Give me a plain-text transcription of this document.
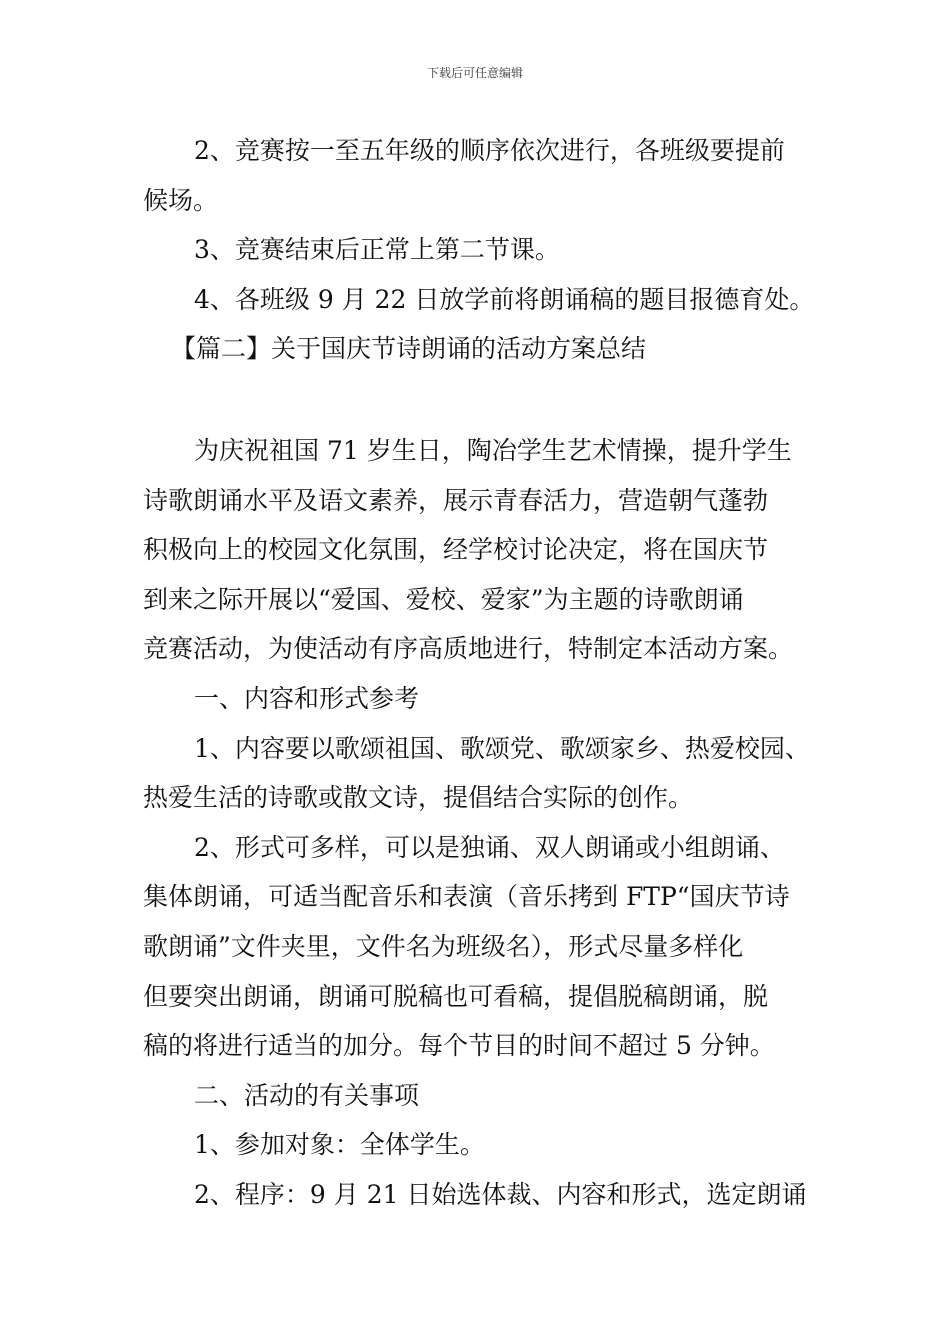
下载后可任意编辑
2、竞赛按一至五年级的顺序依次进行，各班级要提前
候场。
3、竞赛结束后正常上第二节课。
4、各班级 9 月 22 日放学前将朗诵稿的题目报德育处。
【篇二】关于国庆节诗朗诵的活动方案总结
为庆祝祖国 71 岁生日，陶冶学生艺术情操，提升学生
诗歌朗诵水平及语文素养，展示青春活力，营造朝气蓬勃
积极向上的校园文化氛围，经学校讨论决定，将在国庆节
到来之际开展以“爱国、爱校、爱家”为主题的诗歌朗诵
竞赛活动，为使活动有序高质地进行，特制定本活动方案。
一、内容和形式参考
1、内容要以歌颂祖国、歌颂党、歌颂家乡、热爱校园、
热爱生活的诗歌或散文诗，提倡结合实际的创作。
2、形式可多样，可以是独诵、双人朗诵或小组朗诵、
集体朗诵，可适当配音乐和表演（音乐拷到 FTP“国庆节诗
歌朗诵”文件夹里，文件名为班级名），形式尽量多样化
但要突出朗诵，朗诵可脱稿也可看稿，提倡脱稿朗诵，脱
稿的将进行适当的加分。每个节目的时间不超过 5 分钟。
二、活动的有关事项
1、参加对象：全体学生。
2、程序：9 月 21 日始选体裁、内容和形式，选定朗诵
